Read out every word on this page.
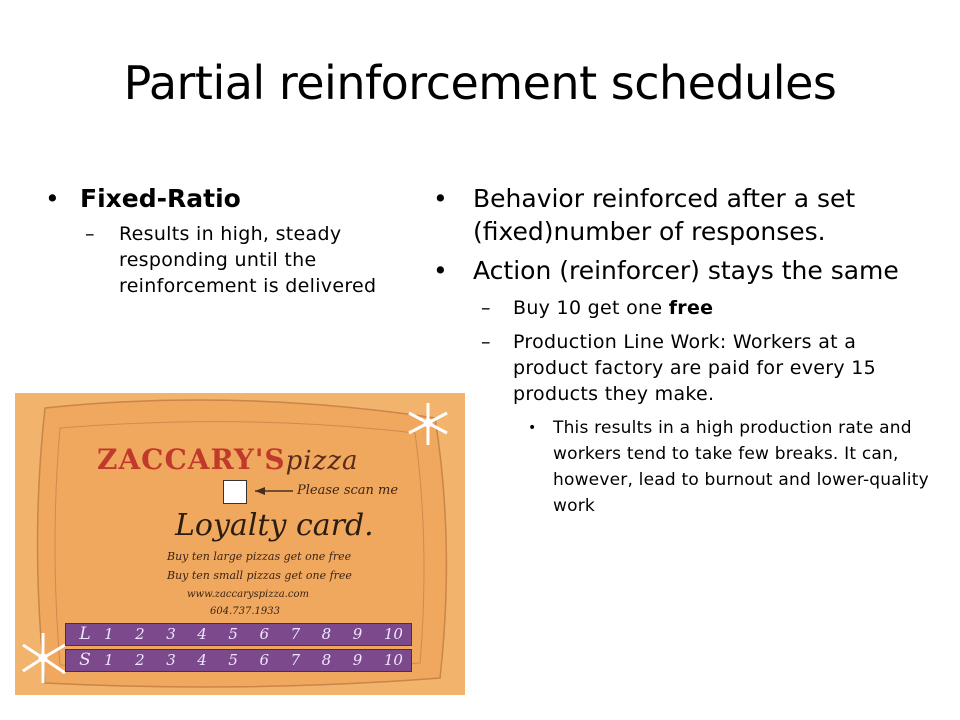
Partial reinforcement schedules
• Fixed-Ratio
– Results in high, steady responding until the reinforcement is delivered
• Behavior reinforced after a set (fixed)number of responses.
• Action (reinforcer) stays the same
– Buy 10 get one free
– Production Line Work: Workers at a product factory are paid for every 15 products they make.
• This results in a high production rate and workers tend to take few breaks. It can, however, lead to burnout and lower-quality work
ZACCARY'Spizza
Please scan me
Loyalty card.
Buy ten large pizzas get one free
Buy ten small pizzas get one free
www.zaccaryspizza.com
604.737.1933
L 1 2 3 4 5 6 7 8 9 10
S 1 2 3 4 5 6 7 8 9 10
